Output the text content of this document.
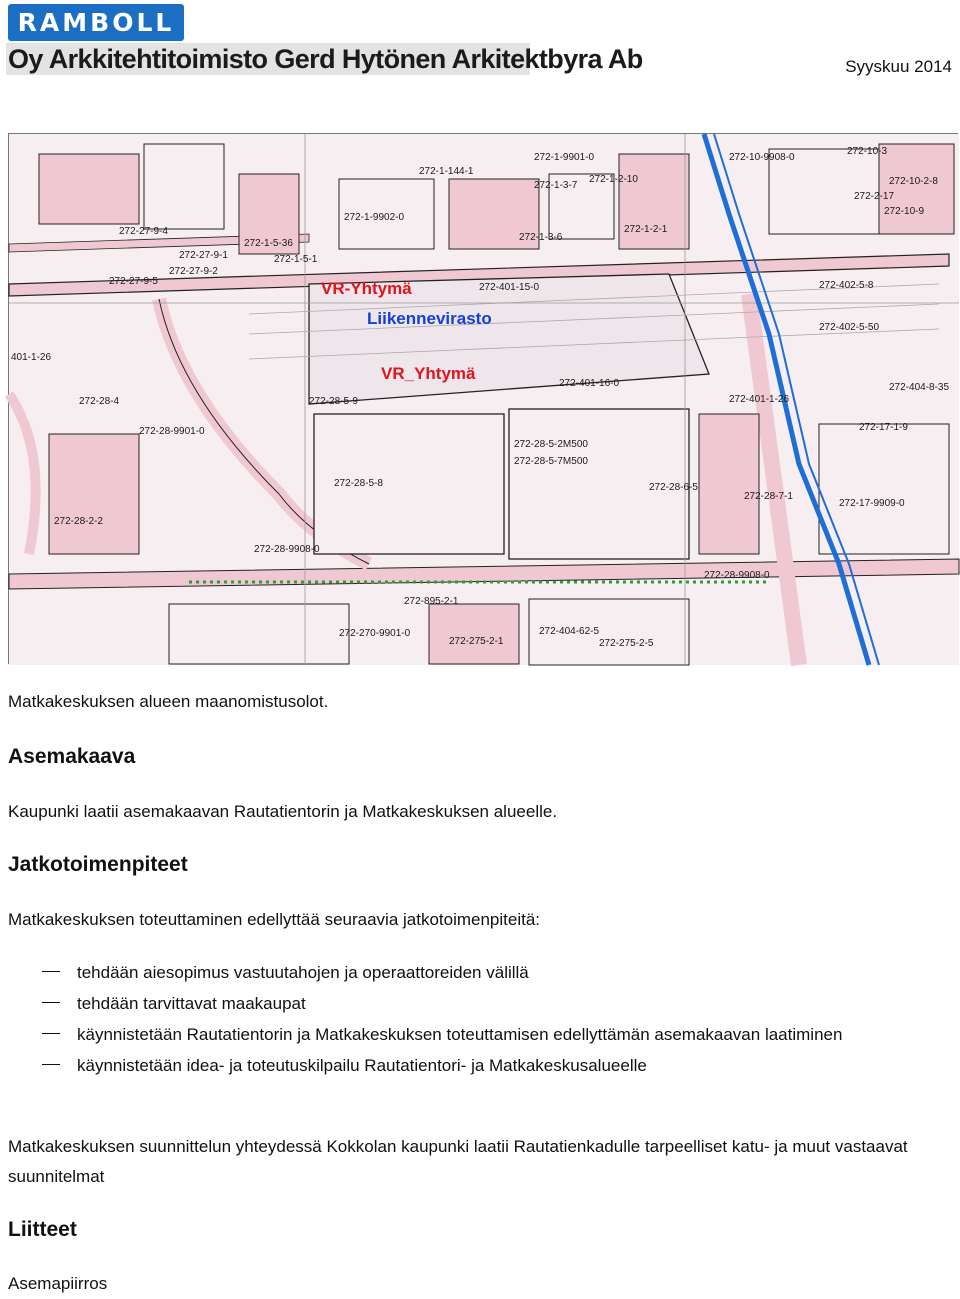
RAMBOLL
Oy Arkkitehtitoimisto Gerd Hytönen Arkitektbyra Ab	Syyskuu 2014
VR-Yhtymä
Liikennevirasto
VR_Yhtymä
272-1-9901-0	272-10-9908-0
272-10-3
272-10-2-8
272-1-144-1
272-1-3-7
272-1-2-10
272-2-17
272-10-9
272-1-9902-0
272-1-3-6
272-1-2-1
272-1-5-36
272-1-5-1
272-27-9-4
272-27-9-1
272-27-9-2
272-27-9-5
272-401-15-0	272-402-5-8
272-402-5-50
272-401-16-0	272-404-8-35
401-1-26
272-28-4
272-28-9901-0
272-28-5-9	272-401-1-26
272-17-1-9
272-28-5-2M500
272-28-5-7M500
272-28-6-5
272-28-5-8
272-28-7-1
272-17-9909-0
272-28-2-2
272-28-9908-0
272-28-9908-0
272-895-2-1
272-275-2-1
272-404-62-5
272-275-2-5
272-270-9901-0
Matkakeskuksen alueen maanomistusolot.
Asemakaava

Kaupunki laatii asemakaavan Rautatientorin ja Matkakeskuksen alueelle.

Jatkotoimenpiteet

Matkakeskuksen toteuttaminen edellyttää seuraavia jatkotoimenpiteitä:

tehdään aiesopimus vastuutahojen ja operaattoreiden välillä
tehdään tarvittavat maakaupat
käynnistetään Rautatientorin ja Matkakeskuksen toteuttamisen edellyttämän asemakaavan laatiminen
käynnistetään idea- ja toteutuskilpailu Rautatientori- ja Matkakeskusalueelle

Matkakeskuksen suunnittelun yhteydessä Kokkolan kaupunki laatii Rautatienkadulle tarpeelliset katu- ja muut vastaavat suunnitelmat

Liitteet

Asemapiirros
